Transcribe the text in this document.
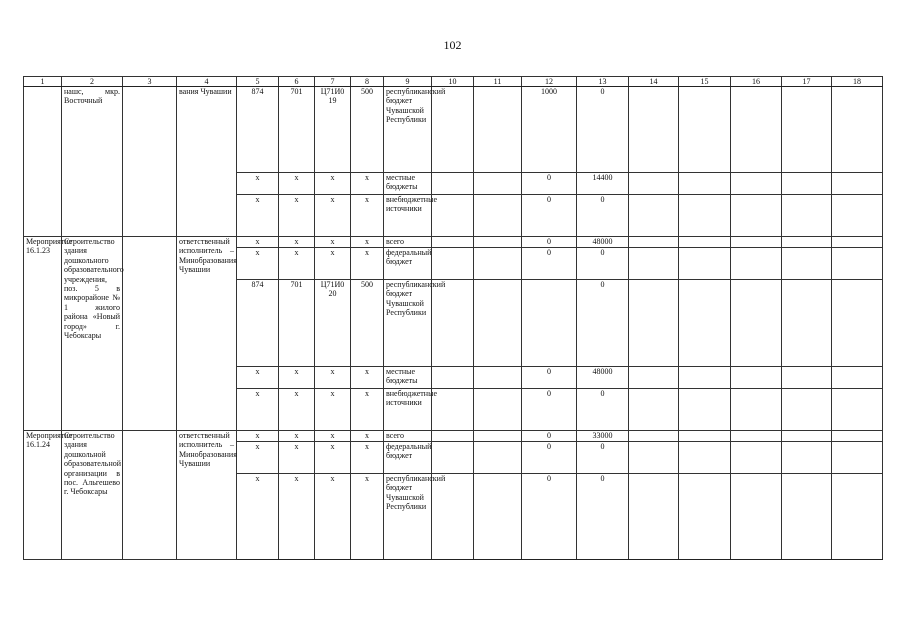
102
1	2	3	4	5	6	7	8	9	10	11	12	13	14	15	16	17	18
	нашс, мкр. Восточный		вания Чувашии	874	701	Ц71И0 19	500	республиканский бюджет Чувашской Республики			1000	0					
				x	x	x	x	местные бюджеты			0	14400					
				x	x	x	x	внебюджетные источники			0	0					
Мероприятие 16.1.23	Строительство здания дошкольного образовательного учреждения, поз. 5 в микрорайоне № 1 жилого района «Новый город» г. Чебоксары		ответственный исполнитель – Минобразования Чувашии	x	x	x	x	всего			0	48000					
				x	x	x	x	федеральный бюджет			0	0					
				874	701	Ц71И0 20	500	республиканский бюджет Чувашской Республики				0					
				x	x	x	x	местные бюджеты			0	48000					
				x	x	x	x	внебюджетные источники			0	0					
Мероприятие 16.1.24	Строительство здания дошкольной образовательной организации в пос. Альгешево г. Чебоксары		ответственный исполнитель – Минобразования Чувашии	x	x	x	x	всего			0	33000					
				x	x	x	x	федеральный бюджет			0	0					
				x	x	x	x	республиканский бюджет Чувашской Республики			0	0					
